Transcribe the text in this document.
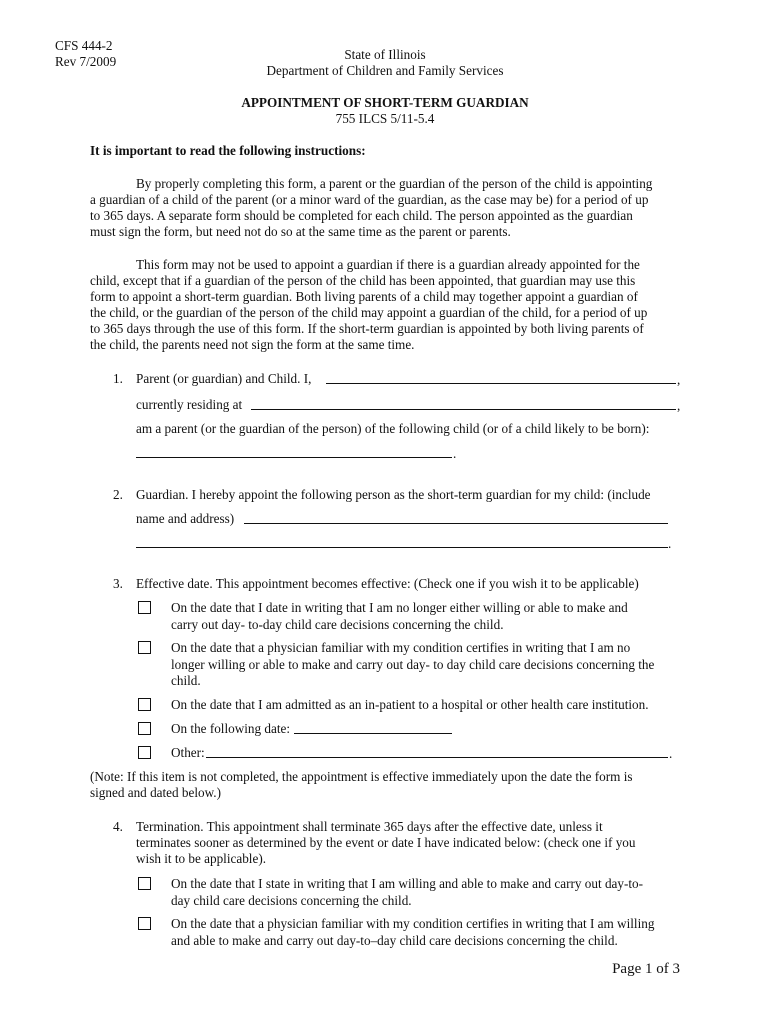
CFS 444-2
Rev 7/2009	State of Illinois
Department of Children and Family Services
APPOINTMENT OF SHORT-TERM GUARDIAN
755 ILCS 5/11-5.4
It is important to read the following instructions:
By properly completing this form, a parent or the guardian of the person of the child is appointing
a guardian of a child of the parent (or a minor ward of the guardian, as the case may be) for a period of up
to 365 days. A separate form should be completed for each child. The person appointed as the guardian
must sign the form, but need not do so at the same time as the parent or parents.
This form may not be used to appoint a guardian if there is a guardian already appointed for the
child, except that if a guardian of the person of the child has been appointed, that guardian may use this
form to appoint a short-term guardian. Both living parents of a child may together appoint a guardian of
the child, or the guardian of the person of the child may appoint a guardian of the child, for a period of up
to 365 days through the use of this form. If the short-term guardian is appointed by both living parents of
the child, the parents need not sign the form at the same time.
1. Parent (or guardian) and Child. I,	,
currently residing at	,
am a parent (or the guardian of the person) of the following child (or of a child likely to be born):
.
2. Guardian. I hereby appoint the following person as the short-term guardian for my child: (include
name and address)
.
3. Effective date. This appointment becomes effective: (Check one if you wish it to be applicable)
On the date that I date in writing that I am no longer either willing or able to make and
carry out day- to-day child care decisions concerning the child.
On the date that a physician familiar with my condition certifies in writing that I am no
longer willing or able to make and carry out day- to day child care decisions concerning the
child.
On the date that I am admitted as an in-patient to a hospital or other health care institution.
On the following date:
Other:	.
(Note: If this item is not completed, the appointment is effective immediately upon the date the form is
signed and dated below.)
4. Termination. This appointment shall terminate 365 days after the effective date, unless it
terminates sooner as determined by the event or date I have indicated below: (check one if you
wish it to be applicable).
On the date that I state in writing that I am willing and able to make and carry out day-to-
day child care decisions concerning the child.
On the date that a physician familiar with my condition certifies in writing that I am willing
and able to make and carry out day-to–day child care decisions concerning the child.
Page 1 of 3
